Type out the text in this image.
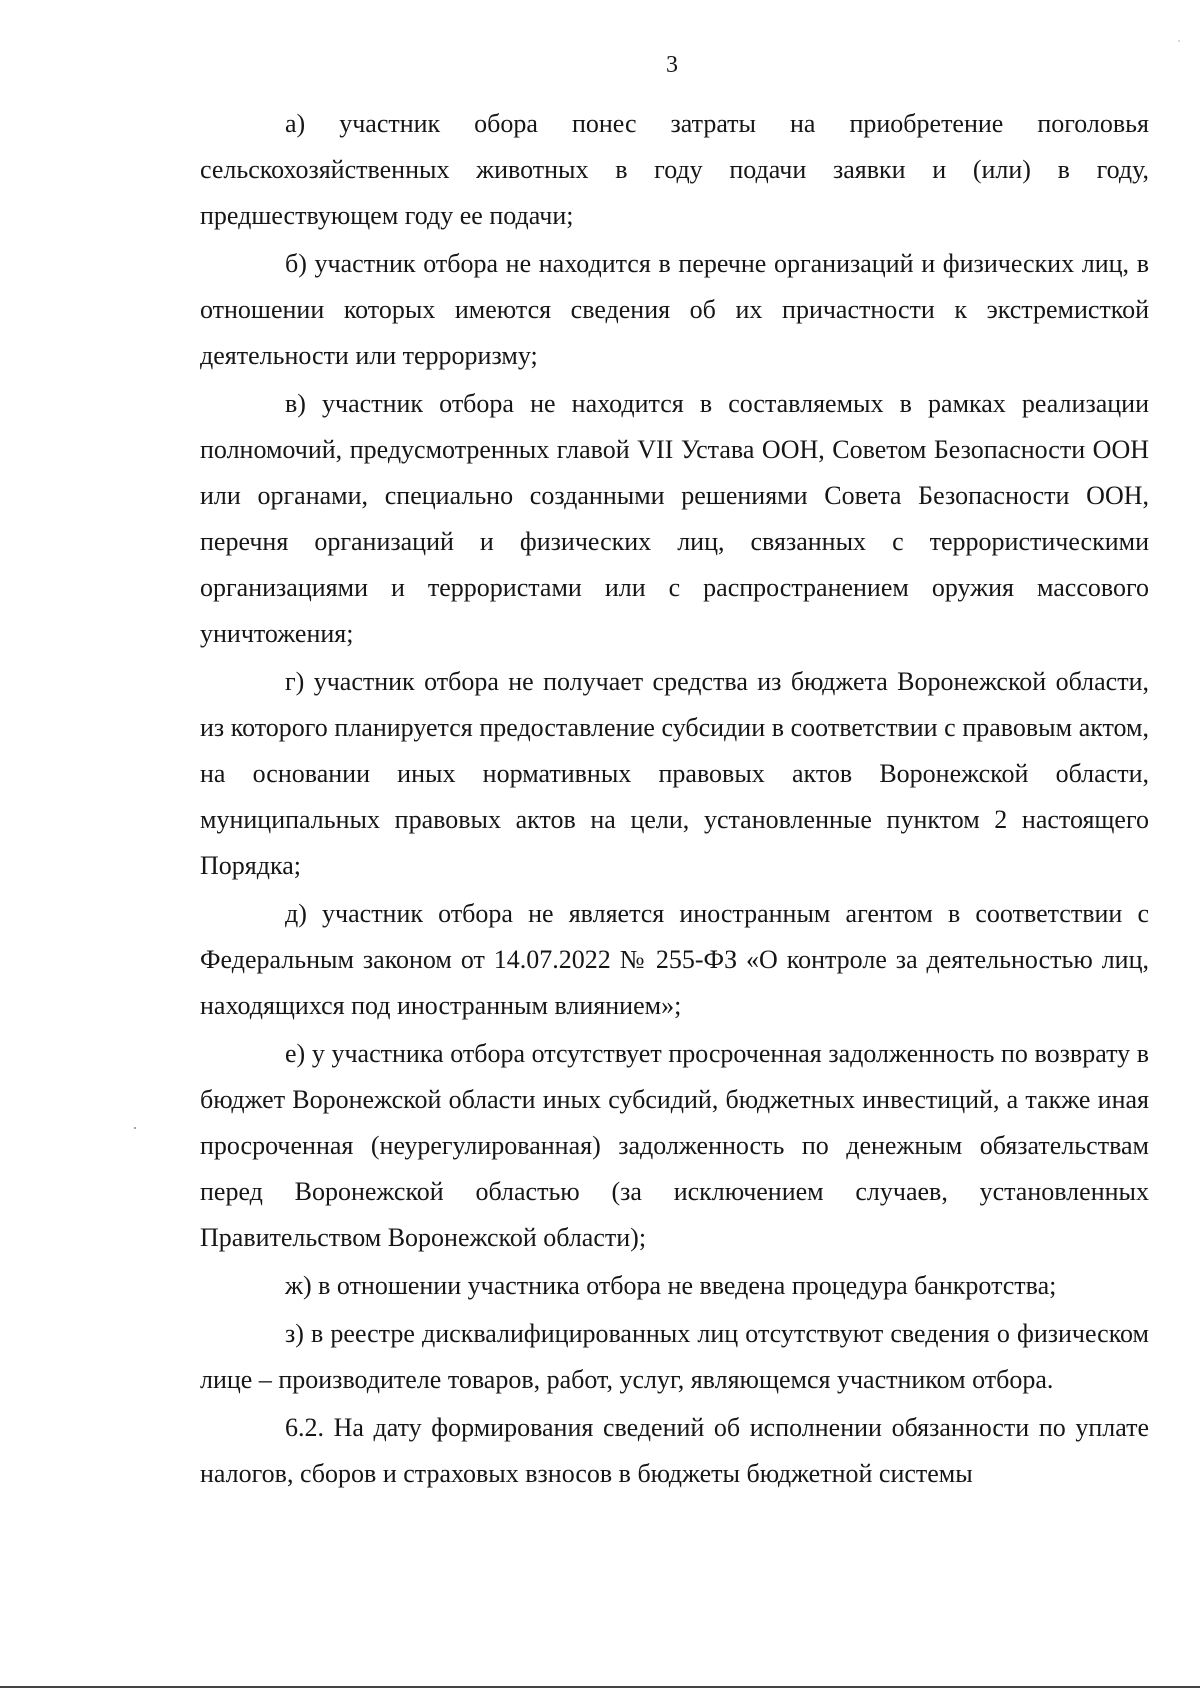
3

а) участник обора понес затраты на приобретение поголовья сельскохозяйственных животных в году подачи заявки и (или) в году, предшествующем году ее подачи;

б) участник отбора не находится в перечне организаций и физических лиц, в отношении которых имеются сведения об их причастности к экстремисткой деятельности или терроризму;

в) участник отбора не находится в составляемых в рамках реализации полномочий, предусмотренных главой VII Устава ООН, Советом Безопасности ООН или органами, специально созданными решениями Совета Безопасности ООН, перечня организаций и физических лиц, связанных с террористическими организациями и террористами или с распространением оружия массового уничтожения;

г) участник отбора не получает средства из бюджета Воронежской области, из которого планируется предоставление субсидии в соответствии с правовым актом, на основании иных нормативных правовых актов Воронежской области, муниципальных правовых актов на цели, установленные пунктом 2 настоящего Порядка;

д) участник отбора не является иностранным агентом в соответствии с Федеральным законом от 14.07.2022 № 255-ФЗ «О контроле за деятельностью лиц, находящихся под иностранным влиянием»;

е) у участника отбора отсутствует просроченная задолженность по возврату в бюджет Воронежской области иных субсидий, бюджетных инвестиций, а также иная просроченная (неурегулированная) задолженность по денежным обязательствам перед Воронежской областью (за исключением случаев, установленных Правительством Воронежской области);

ж) в отношении участника отбора не введена процедура банкротства;

з) в реестре дисквалифицированных лиц отсутствуют сведения о физическом лице – производителе товаров, работ, услуг, являющемся участником отбора.

6.2. На дату формирования сведений об исполнении обязанности по уплате налогов, сборов и страховых взносов в бюджеты бюджетной системы
